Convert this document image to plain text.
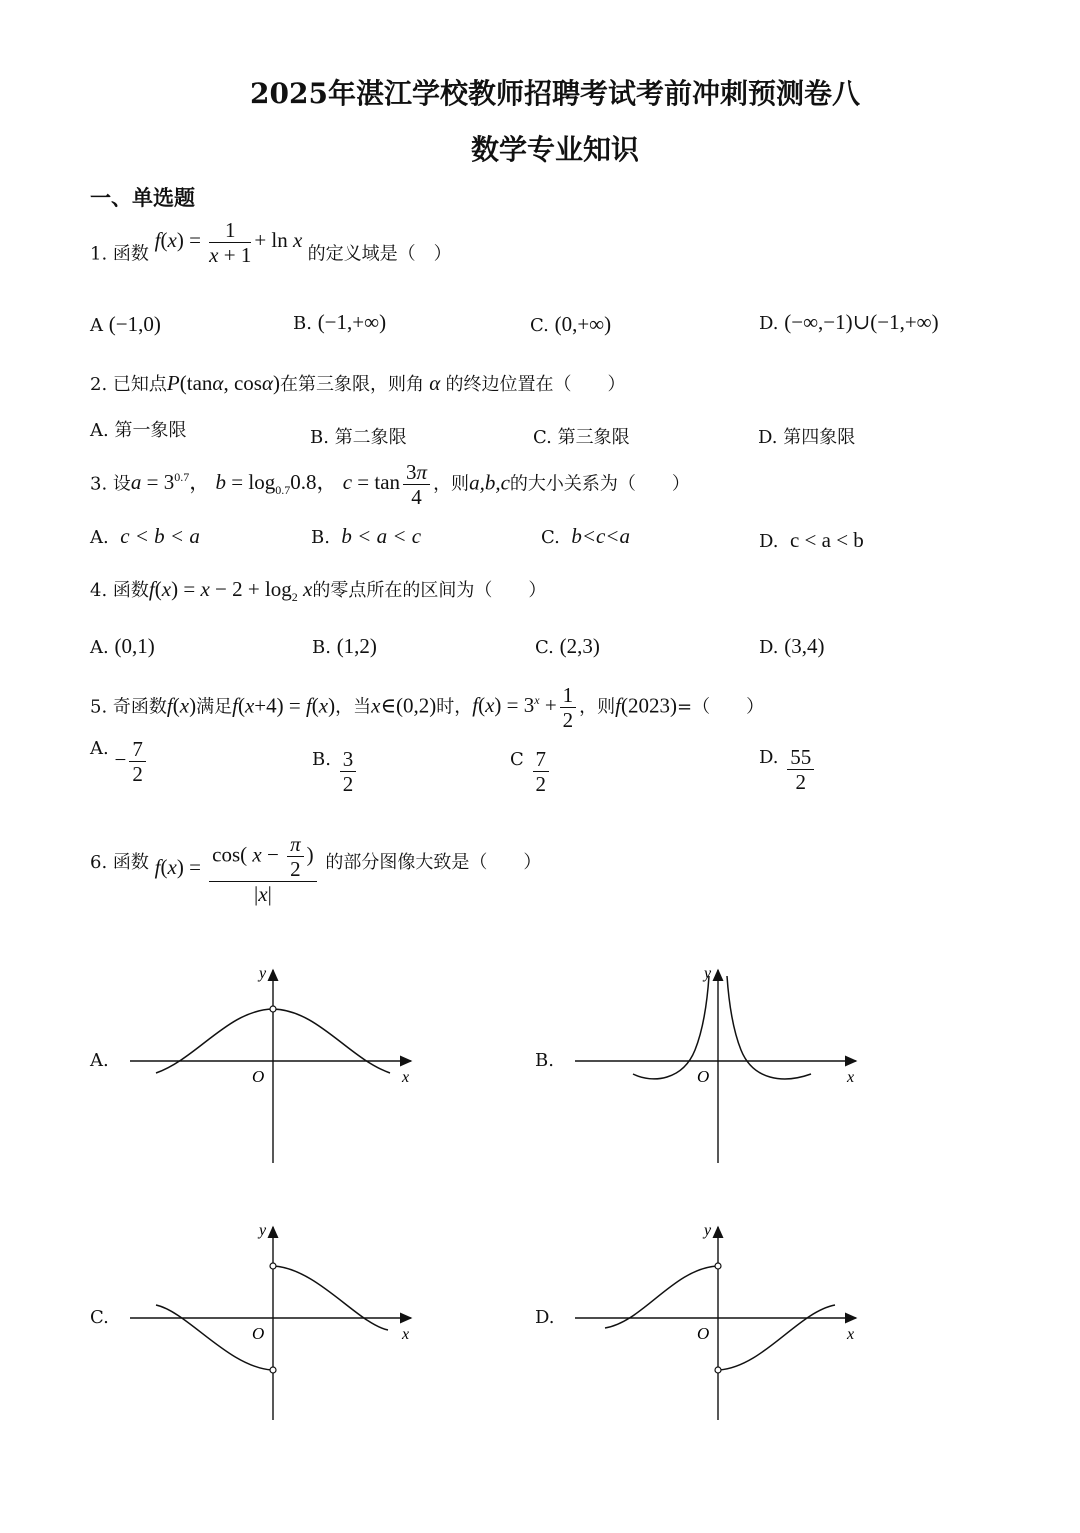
2025年湛江学校教师招聘考试考前冲刺预测卷八
数学专业知识
一、单选题
1. 函数 $f(x) = \frac{1}{x + 1} + \ln x$ 的定义域是（　）
A (−1,0)	B. (−1,+∞)	C. (0,+∞)	D. (−∞,−1)∪(−1,+∞)
2. 已知点P(tanα, cosα)在第三象限，则角 α 的终边位置在（　　）
A. 第一象限	B. 第二象限	C. 第三象限	D. 第四象限
3. 设$a = 3^{0.7}$， $b = \log_{0.7}0.8$， $c = \tan \frac{3\pi}{4}$ ，则a,b,c的大小关系为（　　）
A. c < b < a	B. b < a < c	C. b<c<a	D. c < a < b
4. 函数$f(x) = x - 2 + \log_2 x$的零点所在的区间为（　　）
A. (0,1)	B. (1,2)	C. (2,3)	D. (3,4)
5. 奇函数f(x)满足f(x+4) = f(x)，当x∈(0,2)时，$f(x) = 3^x + \frac{1}{2}$ ，则f(2023)=（　　）
A. − $\frac{7}{2}$	B. $\frac{3}{2}$	C $\frac{7}{2}$	D. $\frac{55}{2}$
6. 函数 $f(x) = \frac{\cos( x - \frac{\pi}{2} )}{|x|}$ 的部分图像大致是（　　）
A.	B.
C.	D.
y
O	x
y
O	x
y
O	x
y
O	x
